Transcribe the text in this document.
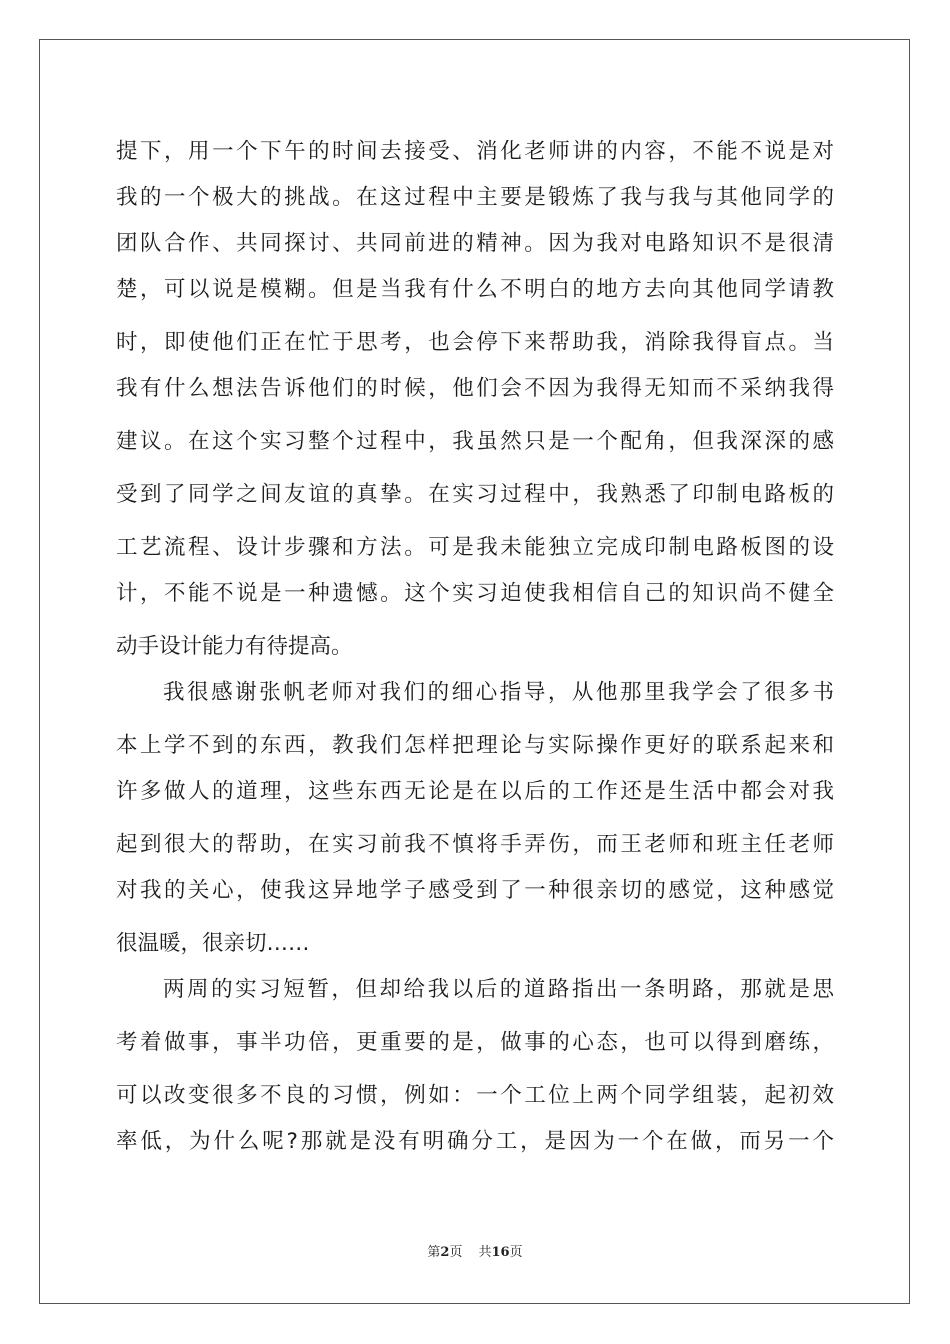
提下，用一个下午的时间去接受、消化老师讲的内容，不能不说是对
我的一个极大的挑战。在这过程中主要是锻炼了我与我与其他同学的
团队合作、共同探讨、共同前进的精神。因为我对电路知识不是很清
楚，可以说是模糊。但是当我有什么不明白的地方去向其他同学请教
时，即使他们正在忙于思考，也会停下来帮助我，消除我得盲点。当
我有什么想法告诉他们的时候，他们会不因为我得无知而不采纳我得
建议。在这个实习整个过程中，我虽然只是一个配角，但我深深的感
受到了同学之间友谊的真挚。在实习过程中，我熟悉了印制电路板的
工艺流程、设计步骤和方法。可是我未能独立完成印制电路板图的设
计，不能不说是一种遗憾。这个实习迫使我相信自己的知识尚不健全
动手设计能力有待提高。
我很感谢张帆老师对我们的细心指导，从他那里我学会了很多书
本上学不到的东西，教我们怎样把理论与实际操作更好的联系起来和
许多做人的道理，这些东西无论是在以后的工作还是生活中都会对我
起到很大的帮助，在实习前我不慎将手弄伤，而王老师和班主任老师
对我的关心，使我这异地学子感受到了一种很亲切的感觉，这种感觉
很温暖，很亲切……
两周的实习短暂，但却给我以后的道路指出一条明路，那就是思
考着做事，事半功倍，更重要的是，做事的心态，也可以得到磨练，
可以改变很多不良的习惯，例如：一个工位上两个同学组装，起初效
率低，为什么呢?那就是没有明确分工，是因为一个在做，而另一个
第2页 共16页
